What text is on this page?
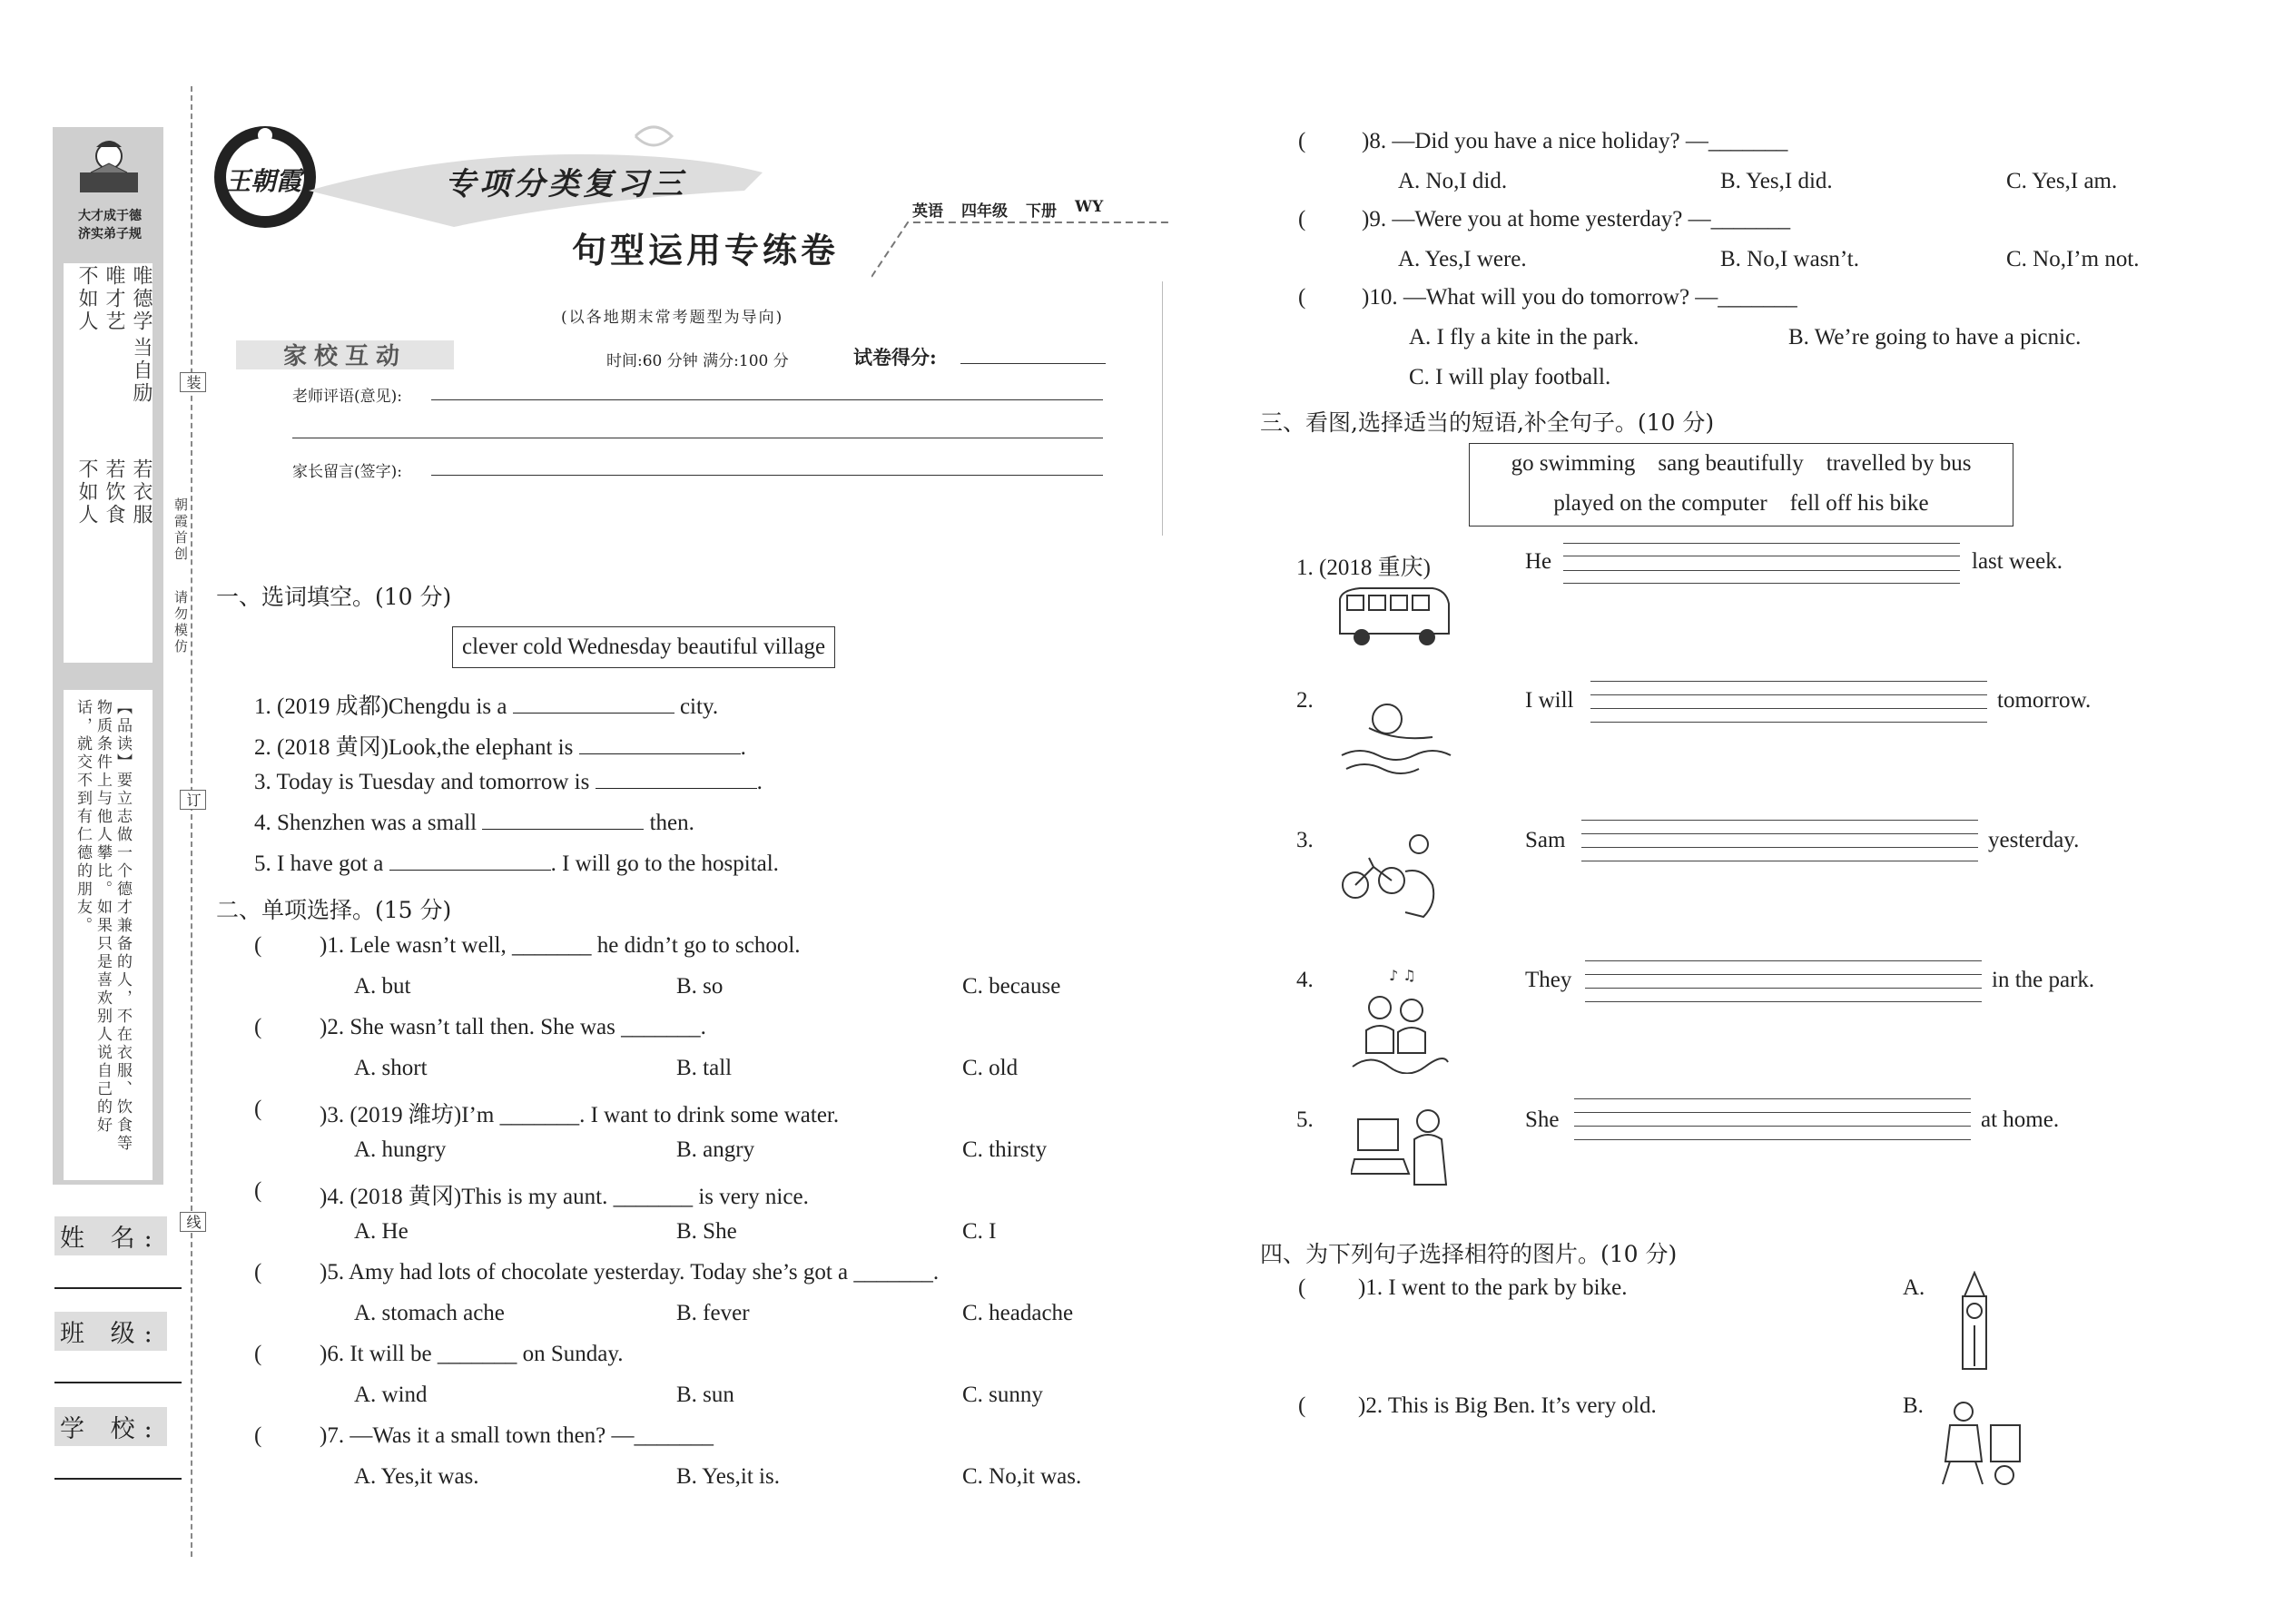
大才成于德
济实弟子规
唯德学
唯才艺
不如人
当自励
若衣服
若饮食
不如人
【品读】要立志做一个德才兼备的人，不在衣服、饮食等物质条件上与他人攀比。如果只是喜欢别人说自己的好话，就交不到有仁德的朋友。
姓 名:
班 级:
学 校:
装
订
线
朝霞首创
请勿模仿
王朝霞	专项分类复习三
句型运用专练卷
英语 四年级 下册 WY
(以各地期末常考题型为导向)
家校互动	时间:60 分钟 满分:100 分	试卷得分:
老师评语(意见):
家长留言(签字):
一、选词填空。(10 分)
clever cold Wednesday beautiful village
1. (2019 成都)Chengdu is a	city.
2. (2018 黄冈)Look,the elephant is	.
3. Today is Tuesday and tomorrow is	.
4. Shenzhen was a small	then.
5. I have got a	. I will go to the hospital.
二、单项选择。(15 分)
(	)1. Lele wasn’t well, _______ he didn’t go to school.
A. but	B. so	C. because
(	)2. She wasn’t tall then. She was _______.
A. short	B. tall	C. old
(	)3. (2019 潍坊)I’m _______. I want to drink some water.
A. hungry	B. angry	C. thirsty
(	)4. (2018 黄冈)This is my aunt. _______ is very nice.
A. He	B. She	C. I
(	)5. Amy had lots of chocolate yesterday. Today she’s got a _______.
A. stomach ache	B. fever	C. headache
(	)6. It will be _______ on Sunday.
A. wind	B. sun	C. sunny
(	)7. —Was it a small town then? —_______
A. Yes,it was.	B. Yes,it is.	C. No,it was.
( )8. —Did you have a nice holiday? —_______
A. No,I did.	B. Yes,I did.	C. Yes,I am.
( )9. —Were you at home yesterday? —_______
A. Yes,I were.	B. No,I wasn’t.	C. No,I’m not.
( )10. —What will you do tomorrow? —_______
A. I fly a kite in the park.	B. We’re going to have a picnic.
C. I will play football.
三、看图,选择适当的短语,补全句子。(10 分)
go swimming    sang beautifully    travelled by bus
played on the computer    fell off his bike
1. (2018 重庆)	He	last week.
2.	I will	tomorrow.
3.	Sam	yesterday.
4.	♪ ♫	They	in the park.
5.	She	at home.
四、为下列句子选择相符的图片。(10 分)
( )1. I went to the park by bike.	A.
( )2. This is Big Ben. It’s very old.	B.
